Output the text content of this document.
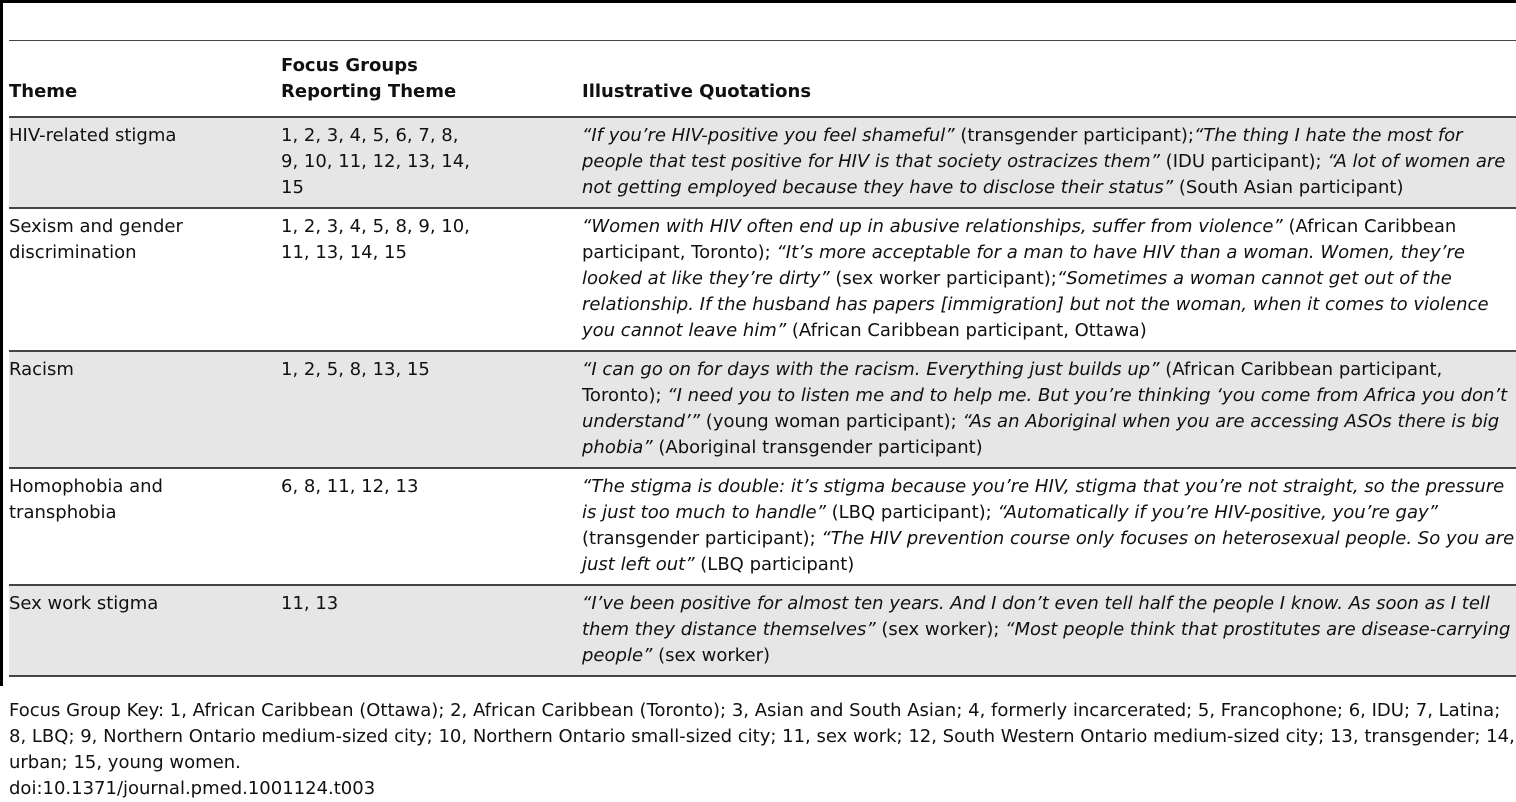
Theme	Focus Groups Reporting Theme	Illustrative Quotations
HIV-related stigma	1, 2, 3, 4, 5, 6, 7, 8, 9, 10, 11, 12, 13, 14, 15	“If you’re HIV-positive you feel shameful” (transgender participant);“The thing I hate the most for people that test positive for HIV is that society ostracizes them” (IDU participant); “A lot of women are not getting employed because they have to disclose their status” (South Asian participant)
Sexism and gender discrimination	1, 2, 3, 4, 5, 8, 9, 10, 11, 13, 14, 15	“Women with HIV often end up in abusive relationships, suffer from violence” (African Caribbean participant, Toronto); “It’s more acceptable for a man to have HIV than a woman. Women, they’re looked at like they’re dirty” (sex worker participant);“Sometimes a woman cannot get out of the relationship. If the husband has papers [immigration] but not the woman, when it comes to violence you cannot leave him” (African Caribbean participant, Ottawa)
Racism	1, 2, 5, 8, 13, 15	“I can go on for days with the racism. Everything just builds up” (African Caribbean participant, Toronto); “I need you to listen me and to help me. But you’re thinking ‘you come from Africa you don’t understand’” (young woman participant); “As an Aboriginal when you are accessing ASOs there is big phobia” (Aboriginal transgender participant)
Homophobia and transphobia	6, 8, 11, 12, 13	“The stigma is double: it’s stigma because you’re HIV, stigma that you’re not straight, so the pressure is just too much to handle” (LBQ participant); “Automatically if you’re HIV-positive, you’re gay” (transgender participant); “The HIV prevention course only focuses on heterosexual people. So you are just left out” (LBQ participant)
Sex work stigma	11, 13	“I’ve been positive for almost ten years. And I don’t even tell half the people I know. As soon as I tell them they distance themselves” (sex worker); “Most people think that prostitutes are disease-carrying people” (sex worker)

Focus Group Key: 1, African Caribbean (Ottawa); 2, African Caribbean (Toronto); 3, Asian and South Asian; 4, formerly incarcerated; 5, Francophone; 6, IDU; 7, Latina; 8, LBQ; 9, Northern Ontario medium-sized city; 10, Northern Ontario small-sized city; 11, sex work; 12, South Western Ontario medium-sized city; 13, transgender; 14, urban; 15, young women.

doi:10.1371/journal.pmed.1001124.t003
